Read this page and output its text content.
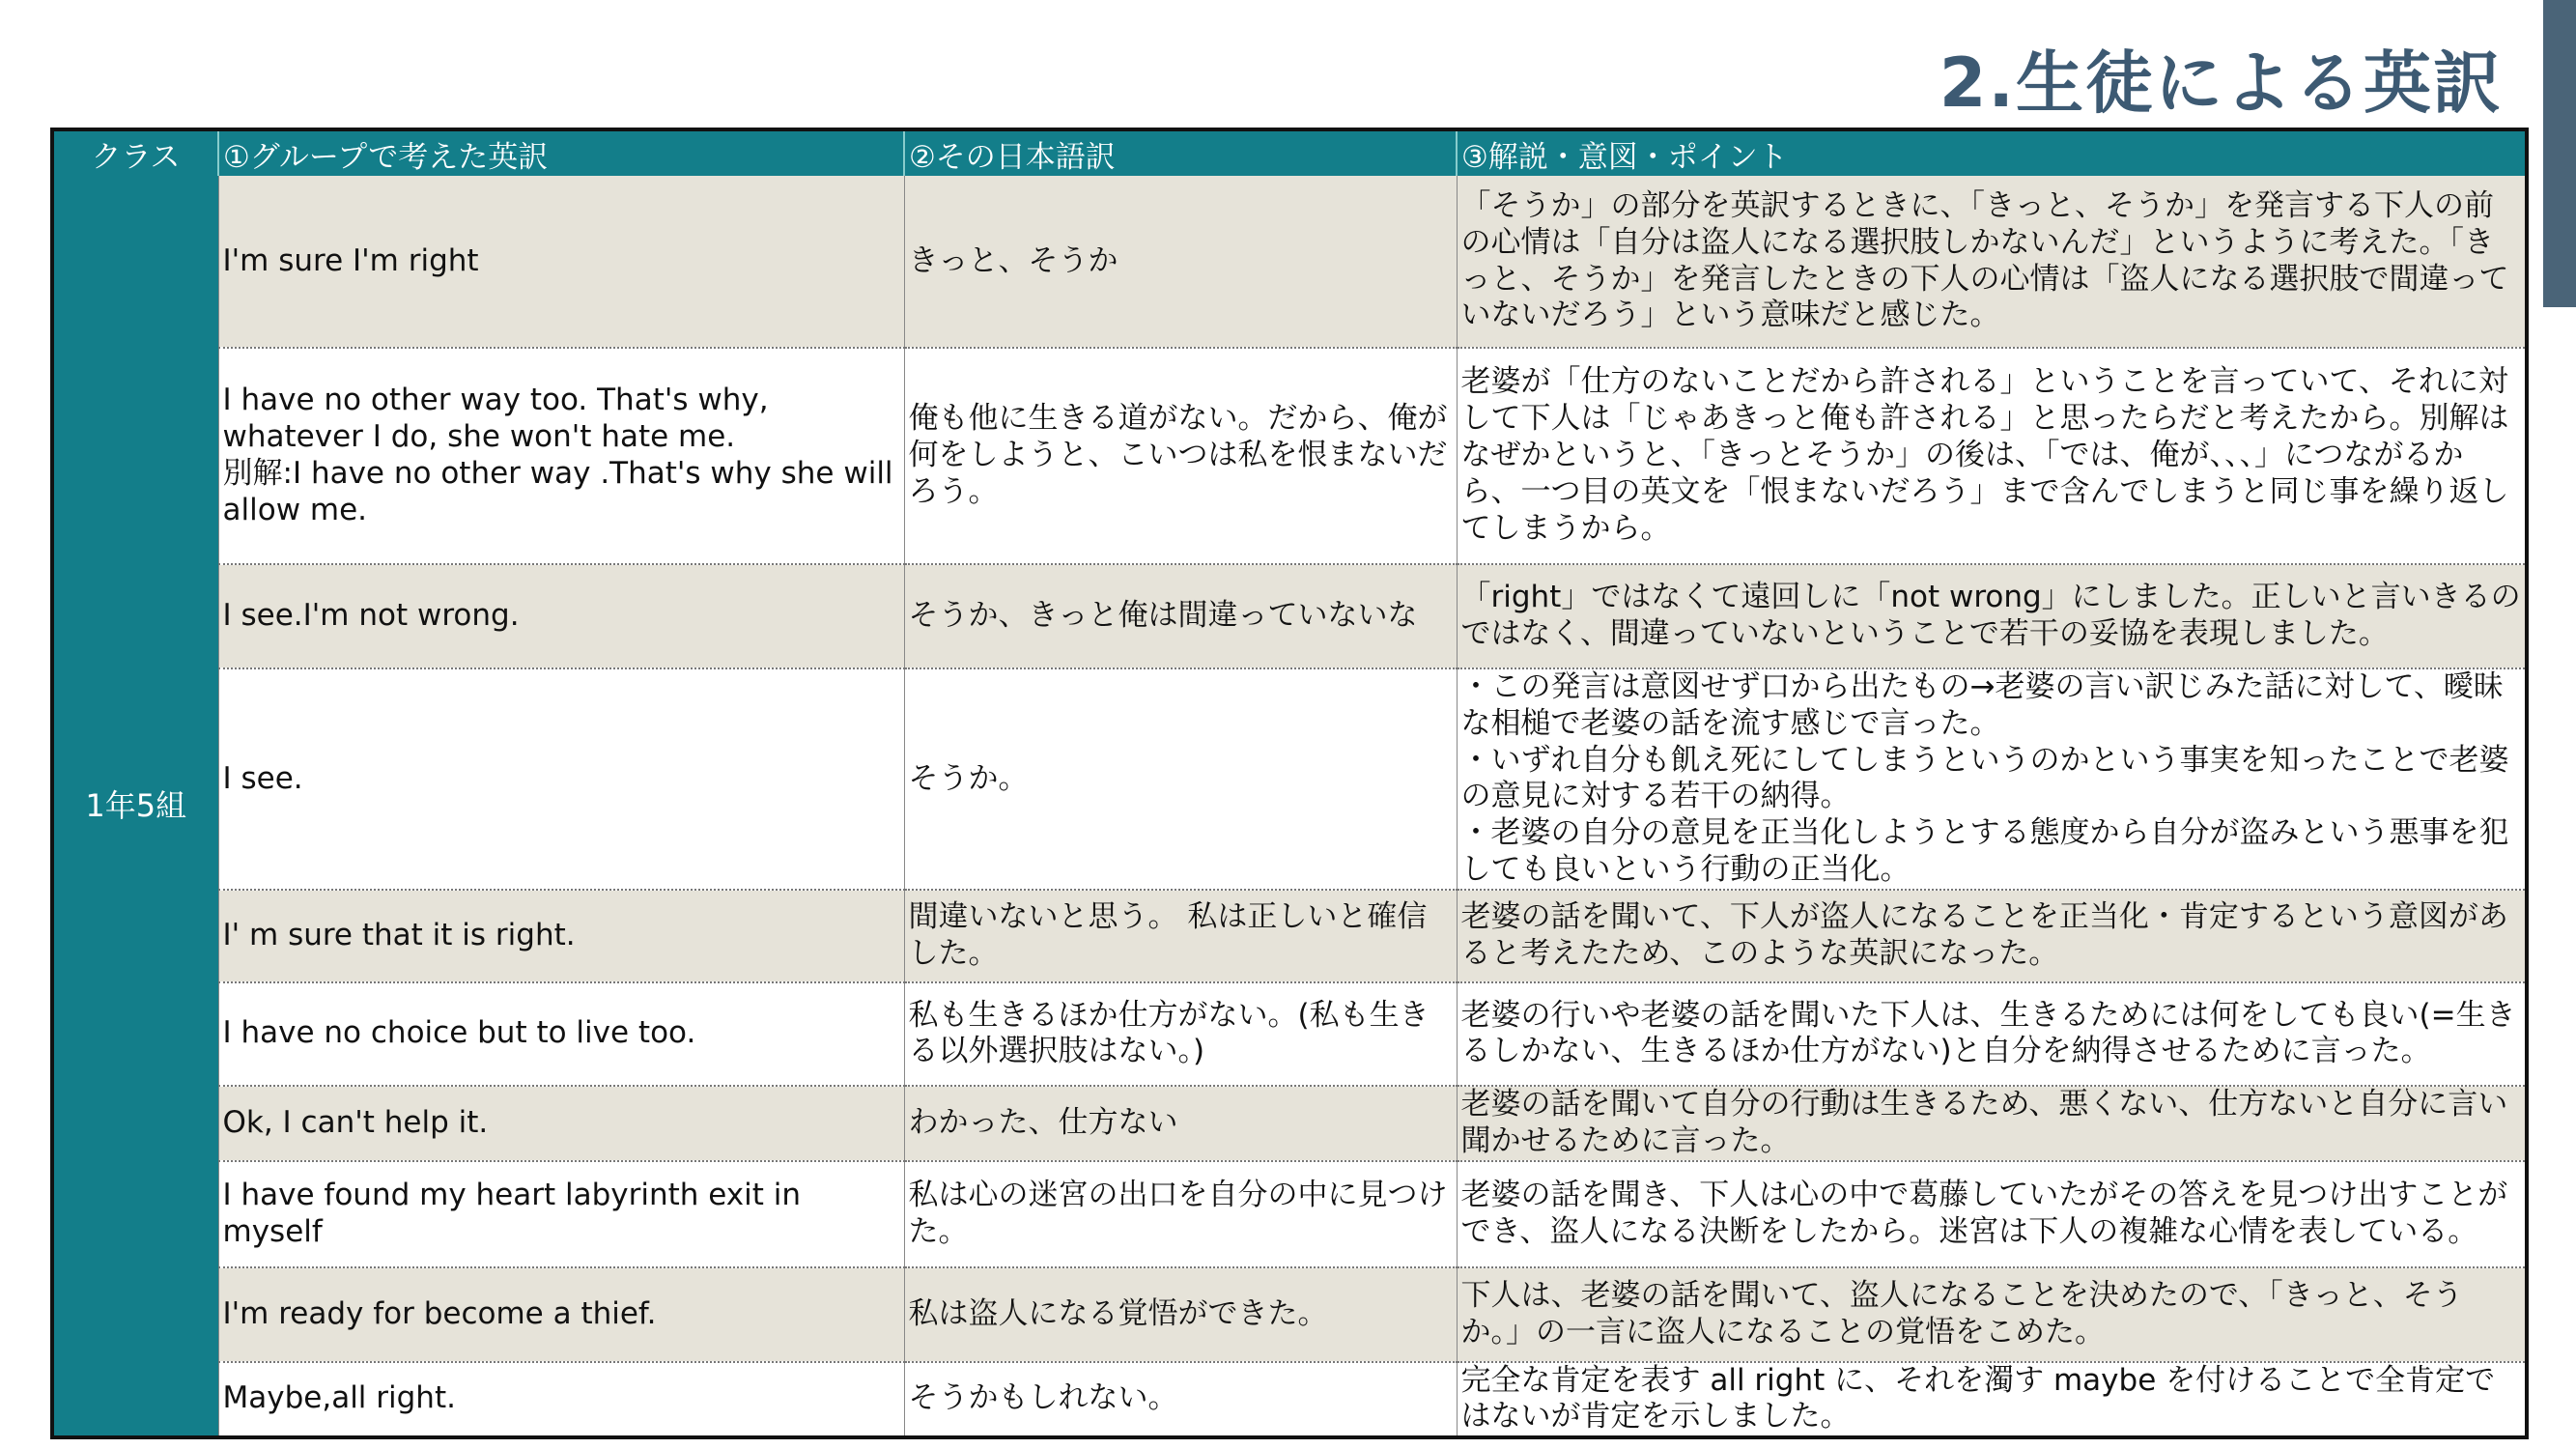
2.生徒による英訳
クラス	①グループで考えた英訳	②その日本語訳	③解説・意図・ポイント
1年5組	I'm sure I'm right	きっと、そうか	「そうか」の部分を英訳するときに、「きっと、そうか」を発言する下人の前の心情は「自分は盗人になる選択肢しかないんだ」というように考えた。「きっと、そうか」を発言したときの下人の心情は「盗人になる選択肢で間違っていないだろう」という意味だと感じた。

	I have no other way too. That's why, whatever I do, she won't hate me.
別解:I have no other way .That's why she will allow me.	俺も他に生きる道がない。だから、俺が何をしようと、こいつは私を恨まないだろう。	老婆が「仕方のないことだから許される」ということを言っていて、それに対して下人は「じゃあきっと俺も許される」と思ったらだと考えたから。別解はなぜかというと、「きっとそうか」の後は、「では、俺が、、、」につながるから、一つ目の英文を「恨まないだろう」まで含んでしまうと同じ事を繰り返してしまうから。
	I see.I'm not wrong.	そうか、きっと俺は間違っていないな	「right」ではなくて遠回しに「not wrong」にしました。正しいと言いきるのではなく、間違っていないということで若干の妥協を表現しました。
	I see.	そうか。	・この発言は意図せず口から出たもの→老婆の言い訳じみた話に対して、曖昧な相槌で老婆の話を流す感じで言った。
・いずれ自分も飢え死にしてしまうというのかという事実を知ったことで老婆の意見に対する若干の納得。
・老婆の自分の意見を正当化しようとする態度から自分が盗みという悪事を犯しても良いという行動の正当化。

	I' m sure that it is right.	間違いないと思う。 私は正しいと確信した。	老婆の話を聞いて、下人が盗人になることを正当化・肯定するという意図があると考えたため、このような英訳になった。
	I have no choice but to live too.	私も生きるほか仕方がない。(私も生きる以外選択肢はない。)	老婆の行いや老婆の話を聞いた下人は、生きるためには何をしても良い(=生きるしかない、生きるほか仕方がない)と自分を納得させるために言った。
	Ok, I can't help it.	わかった、仕方ない	老婆の話を聞いて自分の行動は生きるため、悪くない、仕方ないと自分に言い聞かせるために言った。
	I have found my heart labyrinth exit in myself	私は心の迷宮の出口を自分の中に見つけた。	老婆の話を聞き、下人は心の中で葛藤していたがその答えを見つけ出すことができ、盗人になる決断をしたから。迷宮は下人の複雑な心情を表している。
	I'm ready for become a thief.	私は盗人になる覚悟ができた。	下人は、老婆の話を聞いて、盗人になることを決めたので、「きっと、そうか。」の一言に盗人になることの覚悟をこめた。
	Maybe,all right.	そうかもしれない。	完全な肯定を表す all right に、それを濁す maybe を付けることで全肯定ではないが肯定を示しました。
